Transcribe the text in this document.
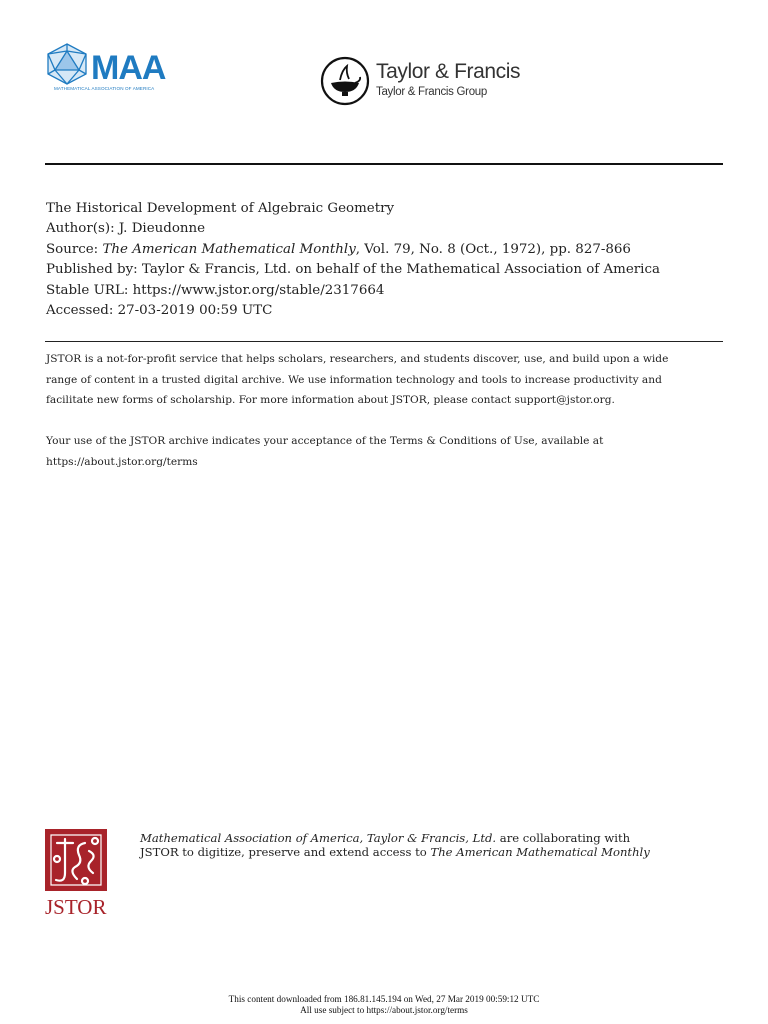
MAA
MATHEMATICAL ASSOCIATION OF AMERICA
Taylor & Francis
Taylor & Francis Group
The Historical Development of Algebraic Geometry
Author(s): J. Dieudonne
Source: The American Mathematical Monthly, Vol. 79, No. 8 (Oct., 1972), pp. 827-866
Published by: Taylor & Francis, Ltd. on behalf of the Mathematical Association of America
Stable URL: https://www.jstor.org/stable/2317664
Accessed: 27-03-2019 00:59 UTC

JSTOR is a not-for-profit service that helps scholars, researchers, and students discover, use, and build upon a wide

range of content in a trusted digital archive. We use information technology and tools to increase productivity and

facilitate new forms of scholarship. For more information about JSTOR, please contact support@jstor.org.

Your use of the JSTOR archive indicates your acceptance of the Terms & Conditions of Use, available at

https://about.jstor.org/terms

JSTOR
Mathematical Association of America, Taylor & Francis, Ltd. are collaborating with
JSTOR to digitize, preserve and extend access to The American Mathematical Monthly
This content downloaded from 186.81.145.194 on Wed, 27 Mar 2019 00:59:12 UTC
All use subject to https://about.jstor.org/terms
